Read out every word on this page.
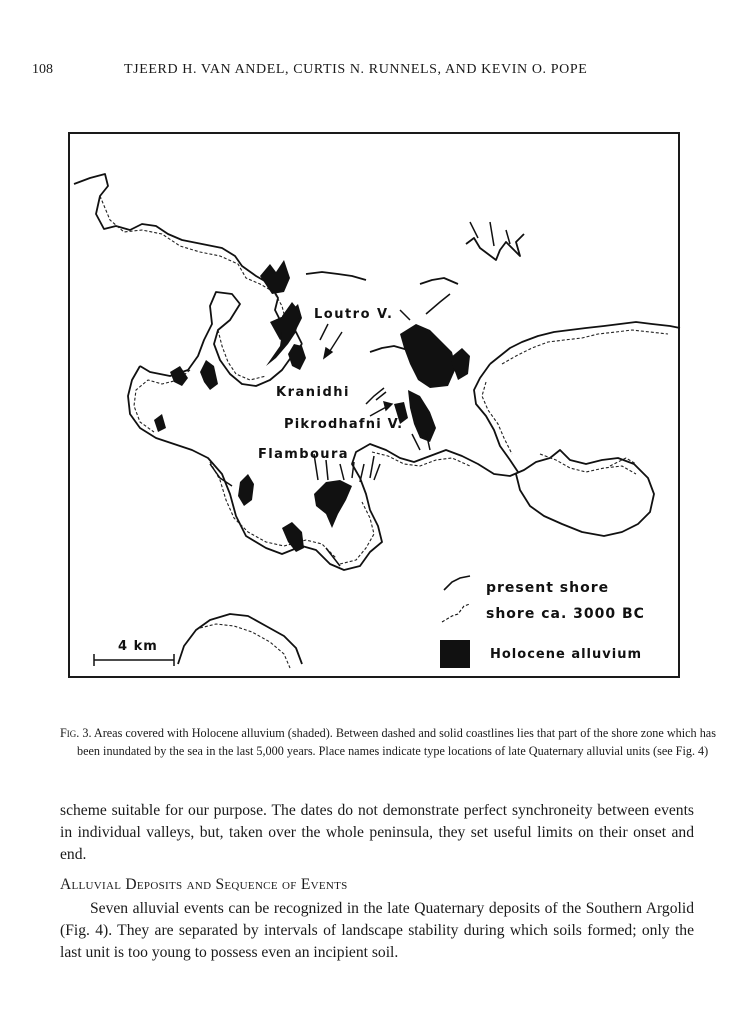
108	TJEERD H. VAN ANDEL, CURTIS N. RUNNELS, AND KEVIN O. POPE
Loutro V.
Kranidhi
Pikrodhafni V.
Flamboura
present shore
shore ca. 3000 BC
Holocene alluvium
4 km
Fig. 3. Areas covered with Holocene alluvium (shaded). Between dashed and solid coastlines lies that part of the shore zone which has been inundated by the sea in the last 5,000 years. Place names indicate type locations of late Quaternary alluvial units (see Fig. 4)
scheme suitable for our purpose. The dates do not demonstrate perfect synchroneity between events in individual valleys, but, taken over the whole peninsula, they set useful limits on their onset and end.
Alluvial Deposits and Sequence of Events
Seven alluvial events can be recognized in the late Quaternary deposits of the Southern Argolid (Fig. 4). They are separated by intervals of landscape stability during which soils formed; only the last unit is too young to possess even an incipient soil.
